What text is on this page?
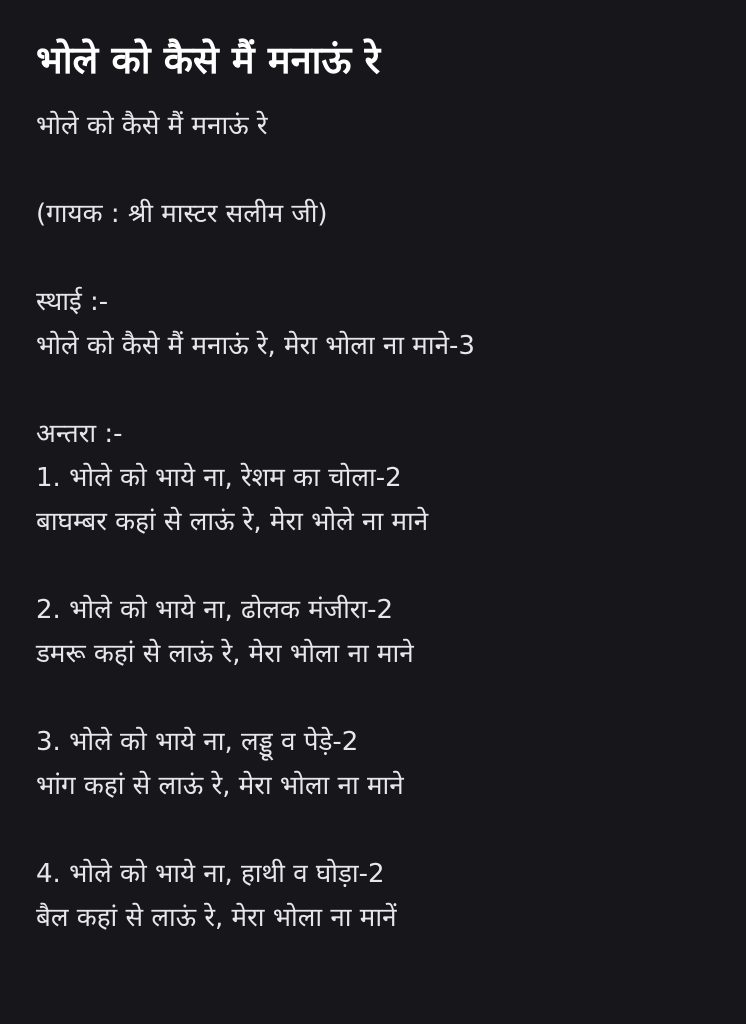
भोले को कैसे मैं मनाऊं रे
भोले को कैसे मैं मनाऊं रे
(गायक : श्री मास्टर सलीम जी)
स्थाई :-
भोले को कैसे मैं मनाऊं रे, मेरा भोला ना माने-3
अन्तरा :-
1. भोले को भाये ना, रेशम का चोला-2
बाघम्बर कहां से लाऊं रे, मेरा भोले ना माने
2. भोले को भाये ना, ढोलक मंजीरा-2
डमरू कहां से लाऊं रे, मेरा भोला ना माने
3. भोले को भाये ना, लड्डू व पेड़े-2
भांग कहां से लाऊं रे, मेरा भोला ना माने
4. भोले को भाये ना, हाथी व घोड़ा-2
बैल कहां से लाऊं रे, मेरा भोला ना मानें
